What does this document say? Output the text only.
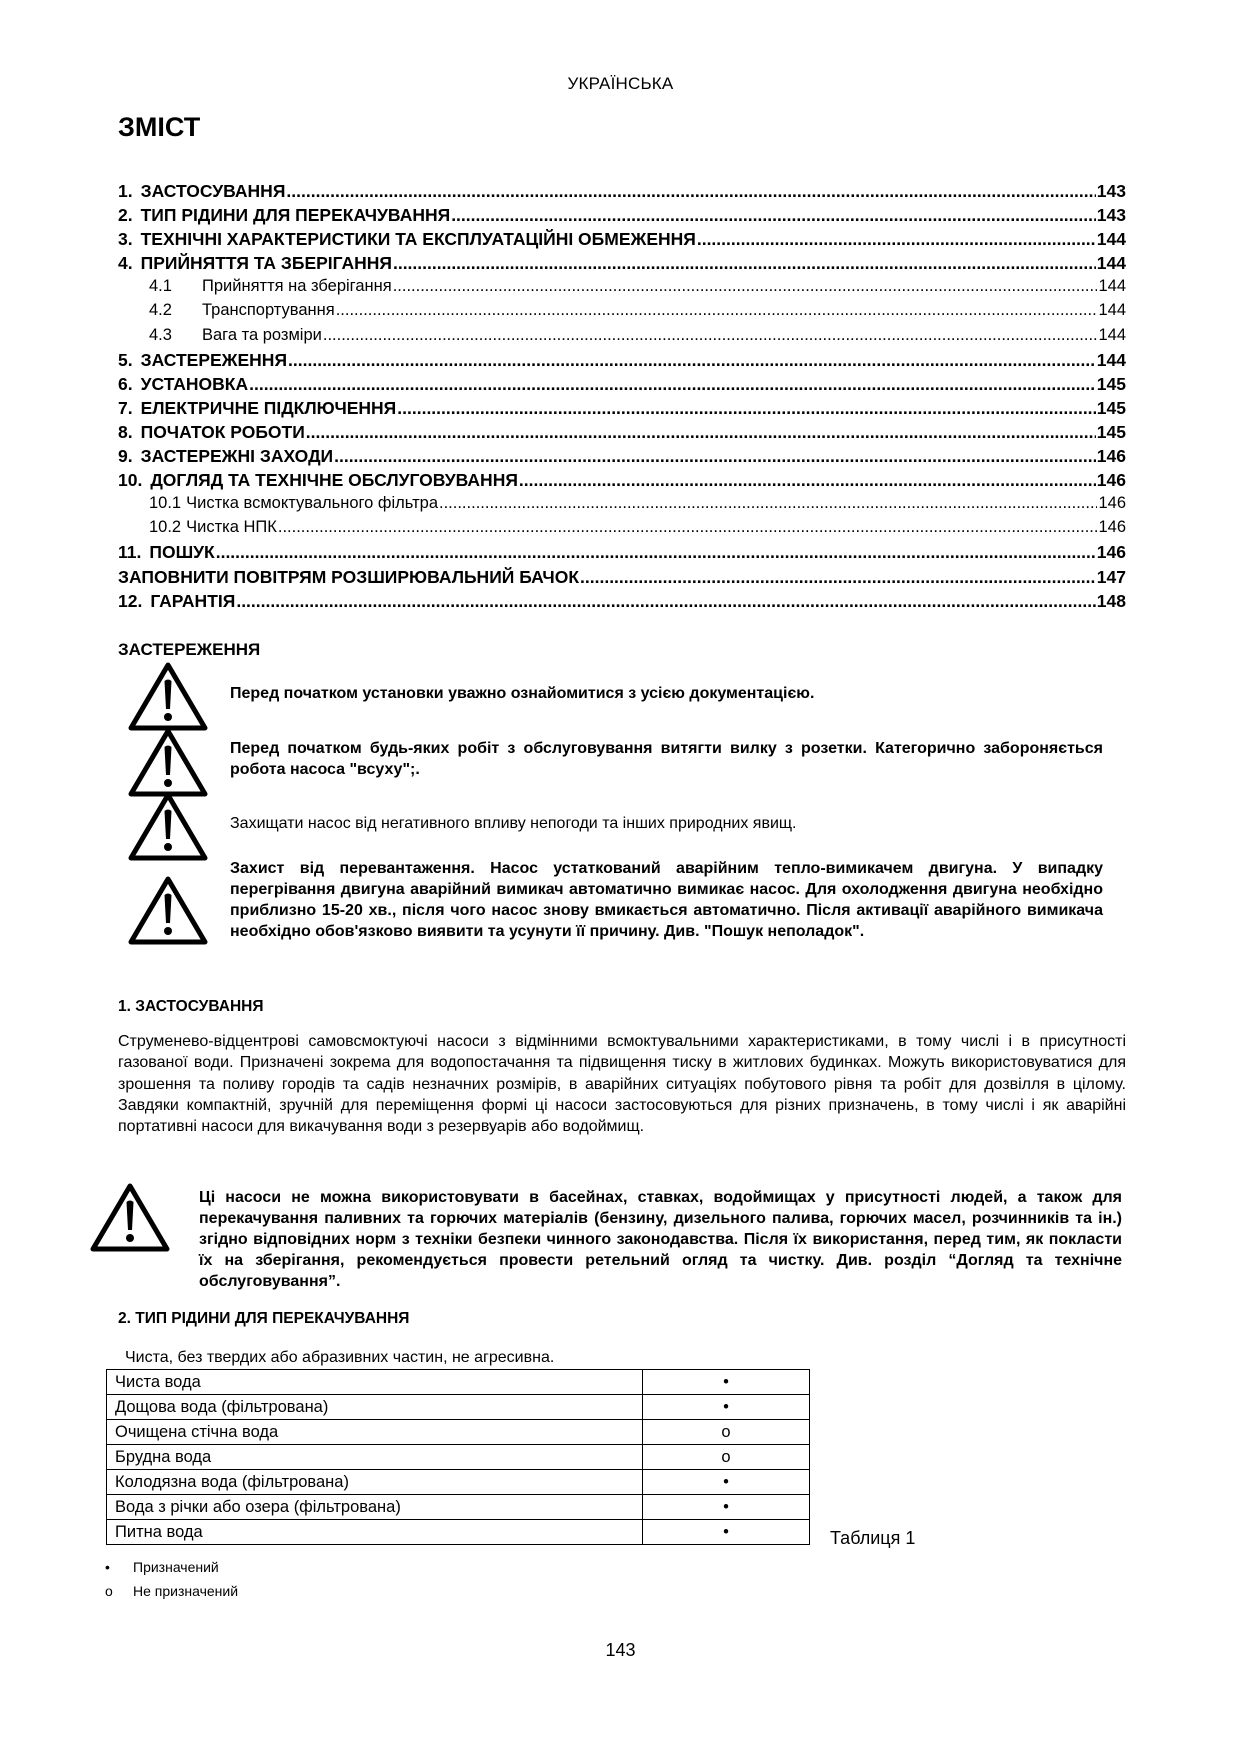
УКРАЇНСЬКА
ЗМІСТ
1. ЗАСТОСУВАННЯ .....	143
2. ТИП РІДИНИ ДЛЯ ПЕРЕКАЧУВАННЯ .....	143
3. ТЕХНІЧНІ ХАРАКТЕРИСТИКИ ТА ЕКСПЛУАТАЦІЙНІ ОБМЕЖЕННЯ .....	144
4. ПРИЙНЯТТЯ ТА ЗБЕРІГАННЯ .....	144
4.1	Прийняття на зберігання .....	144
4.2	Транспортування .....	144
4.3	Вага та розміри .....	144
5. ЗАСТЕРЕЖЕННЯ .....	144
6. УСТАНОВКА .....	145
7. ЕЛЕКТРИЧНЕ ПІДКЛЮЧЕННЯ .....	145
8. ПОЧАТОК РОБОТИ .....	145
9. ЗАСТЕРЕЖНІ ЗАХОДИ .....	146
10. ДОГЛЯД ТА ТЕХНІЧНЕ ОБСЛУГОВУВАННЯ .....	146
10.1 Чистка всмоктувального фільтра .....	146
10.2 Чистка НПК .....	146
11. ПОШУК .....	146
ЗАПОВНИТИ ПОВІТРЯМ РОЗШИРЮВАЛЬНИЙ БАЧОК .....	147
12. ГАРАНТІЯ .....	148
ЗАСТЕРЕЖЕННЯ
Перед початком установки уважно ознайомитися з усією документацією.
Перед початком будь-яких робіт з обслуговування витягти вилку з розетки. Категорично забороняється робота насоса "всуху";.
Захищати насос від негативного впливу непогоди та інших природних явищ.
Захист від перевантаження. Насос устаткований аварійним тепло-вимикачем двигуна. У випадку перегрівання двигуна аварійний вимикач автоматично вимикає насос. Для охолодження двигуна необхідно приблизно 15-20 хв., після чого насос знову вмикається автоматично. Після активації аварійного вимикача необхідно обов'язково виявити та усунути її причину. Див. "Пошук неполадок".
1. ЗАСТОСУВАННЯ
Струменево-відцентрові самовсмоктуючі насоси з відмінними всмоктувальними характеристиками, в тому числі і в присутності газованої води. Призначені зокрема для водопостачання та підвищення тиску в житлових будинках. Можуть використовуватися для зрошення та поливу городів та садів незначних розмірів, в аварійних ситуаціях побутового рівня та робіт для дозвілля в цілому. Завдяки компактній, зручній для переміщення формі ці насоси застосовуються для різних призначень, в тому числі і як аварійні портативні насоси для викачування води з резервуарів або водоймищ.
Ці насоси не можна використовувати в басейнах, ставках, водоймищах у присутності людей, а також для перекачування паливних та горючих матеріалів (бензину, дизельного палива, горючих масел, розчинників та ін.) згідно відповідних норм з техніки безпеки чинного законодавства. Після їх використання, перед тим, як покласти їх на зберігання, рекомендується провести ретельний огляд та чистку. Див. розділ “Догляд та технічне обслуговування”.
2. ТИП РІДИНИ ДЛЯ ПЕРЕКАЧУВАННЯ
Чиста, без твердих або абразивних частин, не агресивна.
Чиста вода	•
Дощова вода (фільтрована)	•
Очищена стічна вода	o
Брудна вода	o
Колодязна вода (фільтрована)	•
Вода з річки або озера (фільтрована)	•
Питна вода	•	Таблиця 1
• Призначений
o Не призначений
143
